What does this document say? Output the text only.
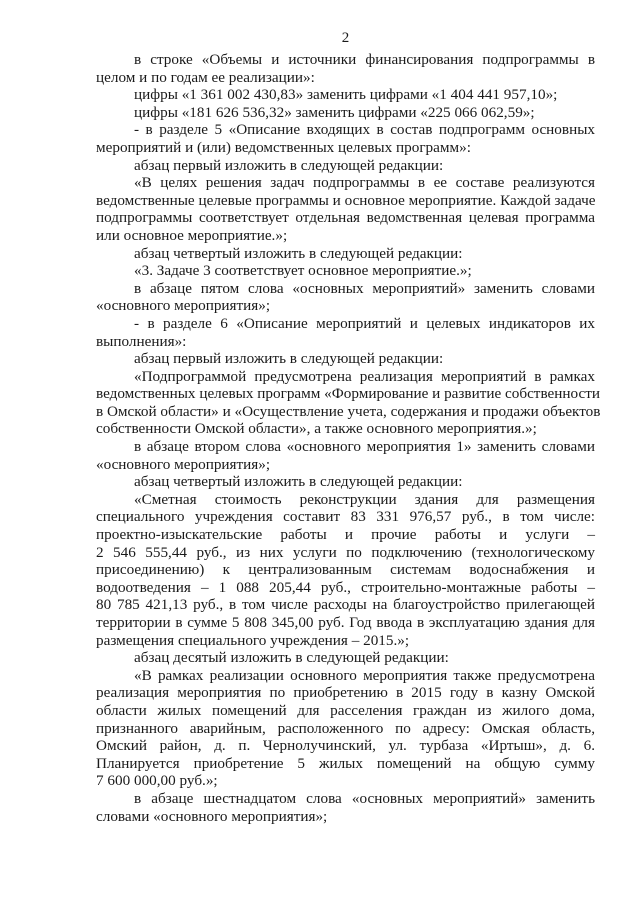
2

в строке «Объемы и источники финансирования подпрограммы в

целом и по годам ее реализации»:

цифры «1 361 002 430,83» заменить цифрами «1 404 441 957,10»;

цифры «181 626 536,32» заменить цифрами «225 066 062,59»;

- в разделе 5 «Описание входящих в состав подпрограмм основных

мероприятий и (или) ведомственных целевых программ»:

абзац первый изложить в следующей редакции:

«В целях решения задач подпрограммы в ее составе реализуются

ведомственные целевые программы и основное мероприятие. Каждой задаче

подпрограммы соответствует отдельная ведомственная целевая программа

или основное мероприятие.»;

абзац четвертый изложить в следующей редакции:

«3. Задаче 3 соответствует основное мероприятие.»;

в абзаце пятом слова «основных мероприятий» заменить словами

«основного мероприятия»;

- в разделе 6 «Описание мероприятий и целевых индикаторов их

выполнения»:

абзац первый изложить в следующей редакции:

«Подпрограммой предусмотрена реализация мероприятий в рамках

ведомственных целевых программ «Формирование и развитие собственности

в Омской области» и «Осуществление учета, содержания и продажи объектов

собственности Омской области», а также основного мероприятия.»;

в абзаце втором слова «основного мероприятия 1» заменить словами

«основного мероприятия»;

абзац четвертый изложить в следующей редакции:

«Сметная стоимость реконструкции здания для размещения

специального учреждения составит 83 331 976,57 руб., в том числе:

проектно-изыскательские работы и прочие работы и услуги –

2 546 555,44 руб., из них услуги по подключению (технологическому

присоединению) к централизованным системам водоснабжения и

водоотведения – 1 088 205,44 руб., строительно-монтажные работы –

80 785 421,13 руб., в том числе расходы на благоустройство прилегающей

территории в сумме 5 808 345,00 руб. Год ввода в эксплуатацию здания для

размещения специального учреждения – 2015.»;

абзац десятый изложить в следующей редакции:

«В рамках реализации основного мероприятия также предусмотрена

реализация мероприятия по приобретению в 2015 году в казну Омской

области жилых помещений для расселения граждан из жилого дома,

признанного аварийным, расположенного по адресу: Омская область,

Омский район, д. п. Чернолучинский, ул. турбаза «Иртыш», д. 6.

Планируется приобретение 5 жилых помещений на общую сумму

7 600 000,00 руб.»;

в абзаце шестнадцатом слова «основных мероприятий» заменить

словами «основного мероприятия»;
